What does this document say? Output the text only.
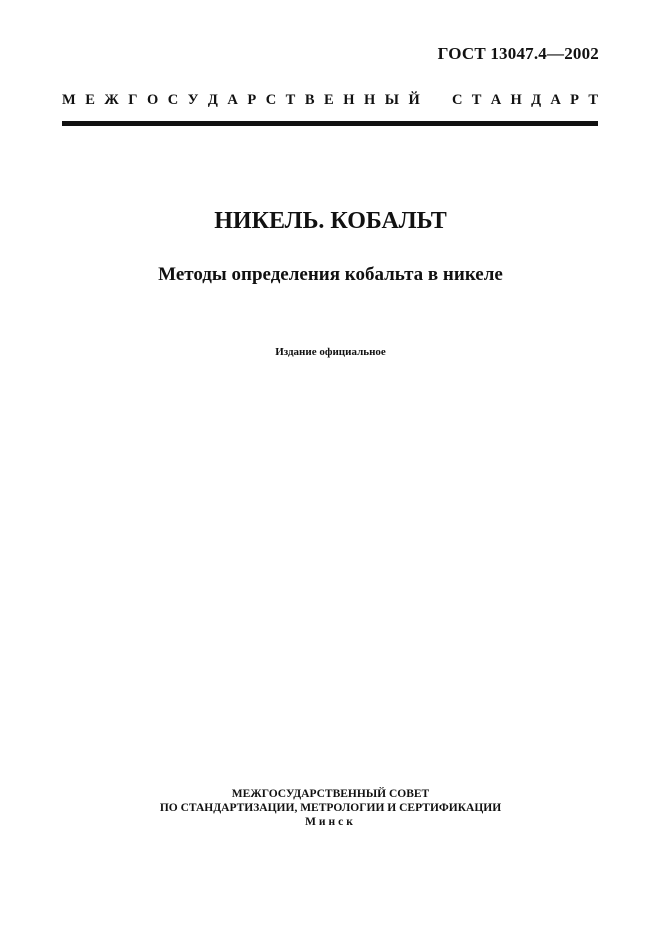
ГОСТ 13047.4—2002
М Е Ж Г О С У Д А Р С Т В Е Н Н Ы Й С Т А Н Д А Р Т
НИКЕЛЬ. КОБАЛЬТ
Методы определения кобальта в никеле
Издание официальное
МЕЖГОСУДАРСТВЕННЫЙ СОВЕТ
ПО СТАНДАРТИЗАЦИИ, МЕТРОЛОГИИ И СЕРТИФИКАЦИИ
Минск
